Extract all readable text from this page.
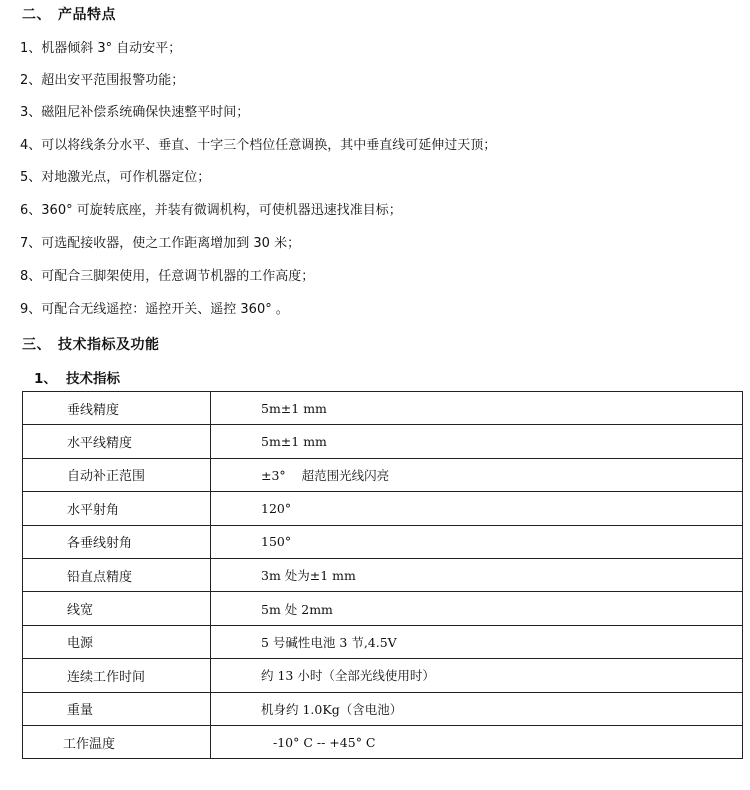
二、 产品特点
1、机器倾斜 3° 自动安平；
2、超出安平范围报警功能；
3、磁阻尼补偿系统确保快速整平时间；
4、可以将线条分水平、垂直、十字三个档位任意调换，其中垂直线可延伸过天顶；
5、对地激光点，可作机器定位；
6、360° 可旋转底座，并装有微调机构，可使机器迅速找准目标；
7、可选配接收器，使之工作距离增加到 30 米；
8、可配合三脚架使用，任意调节机器的工作高度；
9、可配合无线遥控：遥控开关、遥控 360° 。
三、 技术指标及功能
1、 技术指标
垂线精度	5m±1 mm
水平线精度	5m±1 mm
自动补正范围	±3°    超范围光线闪亮
水平射角	120°
各垂线射角	150°
铅直点精度	3m 处为±1 mm
线宽	5m 处 2mm
电源	5 号碱性电池 3 节,4.5V
连续工作时间	约 13 小时（全部光线使用时）
重量	机身约 1.0Kg（含电池）
工作温度	-10° C -- +45° C
